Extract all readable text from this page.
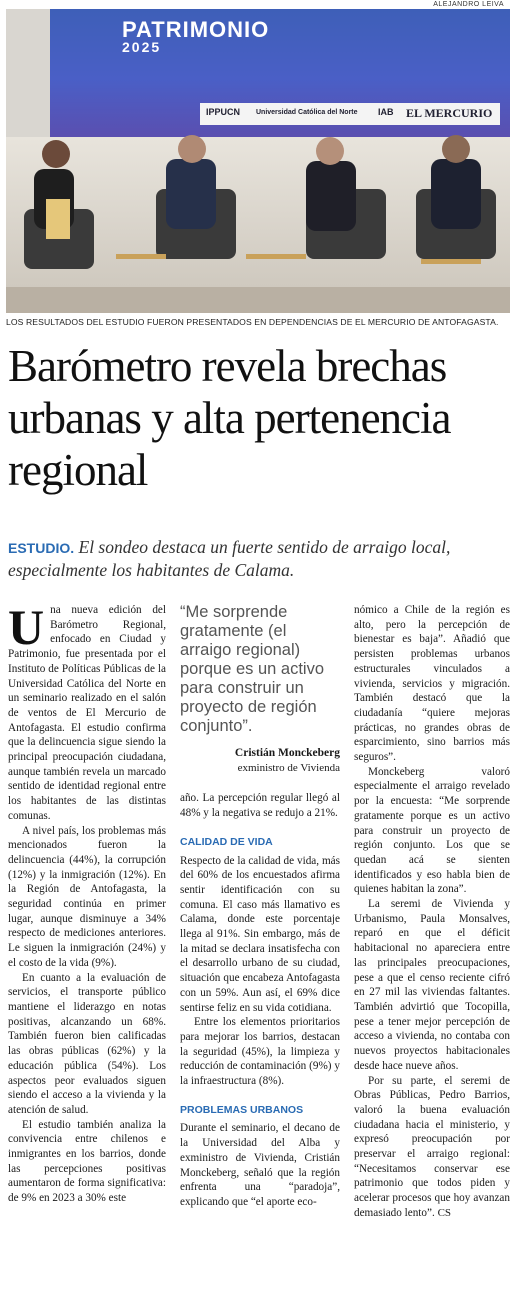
ALEJANDRO LEIVA
PATRIMONIO
2025
IPPUCN Universidad Católica del Norte IAB EL MERCURIO
LOS RESULTADOS DEL ESTUDIO FUERON PRESENTADOS EN DEPENDENCIAS DE EL MERCURIO DE ANTOFAGASTA.
Barómetro revela brechas urbanas y alta pertenencia regional
ESTUDIO. El sondeo destaca un fuerte sentido de arraigo local, especialmente los habitantes de Calama.

Una nueva edición del Barómetro Regional, enfocado en Ciudad y Patrimonio, fue presentada por el Instituto de Políticas Públicas de la Universidad Católica del Norte en un seminario realizado en el salón de ventos de El Mercurio de Antofagasta. El estudio confirma que la delincuencia sigue siendo la principal preocupación ciudadana, aunque también revela un marcado sentido de identidad regional entre los habitantes de las distintas comunas.

A nivel país, los problemas más mencionados fueron la delincuencia (44%), la corrupción (12%) y la inmigración (12%). En la Región de Antofagasta, la seguridad continúa en primer lugar, aunque disminuye a 34% respecto de mediciones anteriores. Le siguen la inmigración (24%) y el costo de la vida (9%).

En cuanto a la evaluación de servicios, el transporte público mantiene el liderazgo en notas positivas, alcanzando un 68%. También fueron bien calificadas las obras públicas (62%) y la educación pública (54%). Los aspectos peor evaluados siguen siendo el acceso a la vivienda y la atención de salud.

El estudio también analiza la convivencia entre chilenos e inmigrantes en los barrios, donde las percepciones positivas aumentaron de forma significativa: de 9% en 2023 a 30% este

“Me sorprende gratamente (el arraigo regional) porque es un activo para construir un proyecto de región conjunto”.
Cristián Monckeberg
exministro de Vivienda

año. La percepción regular llegó al 48% y la negativa se redujo a 21%.

CALIDAD DE VIDA

Respecto de la calidad de vida, más del 60% de los encuestados afirma sentir identificación con su comuna. El caso más llamativo es Calama, donde este porcentaje llega al 91%. Sin embargo, más de la mitad se declara insatisfecha con el desarrollo urbano de su ciudad, situación que encabeza Antofagasta con un 59%. Aun así, el 69% dice sentirse feliz en su vida cotidiana.

Entre los elementos prioritarios para mejorar los barrios, destacan la seguridad (45%), la limpieza y reducción de contaminación (9%) y la infraestructura (8%).

PROBLEMAS URBANOS

Durante el seminario, el decano de la Universidad del Alba y exministro de Vivienda, Cristián Monckeberg, señaló que la región enfrenta una “paradoja”, explicando que “el aporte eco-

nómico a Chile de la región es alto, pero la percepción de bienestar es baja”. Añadió que persisten problemas urbanos estructurales vinculados a vivienda, servicios y migración. También destacó que la ciudadanía “quiere mejoras prácticas, no grandes obras de esparcimiento, sino barrios más seguros”.

Monckeberg valoró especialmente el arraigo revelado por la encuesta: “Me sorprende gratamente porque es un activo para construir un proyecto de región conjunto. Los que se quedan acá se sienten identificados y eso habla bien de quienes habitan la zona”.

La seremi de Vivienda y Urbanismo, Paula Monsalves, reparó en que el déficit habitacional no apareciera entre las principales preocupaciones, pese a que el censo reciente cifró en 27 mil las viviendas faltantes. También advirtió que Tocopilla, pese a tener mejor percepción de acceso a vivienda, no contaba con nuevos proyectos habitacionales desde hace nueve años.

Por su parte, el seremi de Obras Públicas, Pedro Barrios, valoró la buena evaluación ciudadana hacia el ministerio, y expresó preocupación por preservar el arraigo regional: “Necesitamos conservar ese patrimonio que todos piden y acelerar procesos que hoy avanzan demasiado lento”. CS
